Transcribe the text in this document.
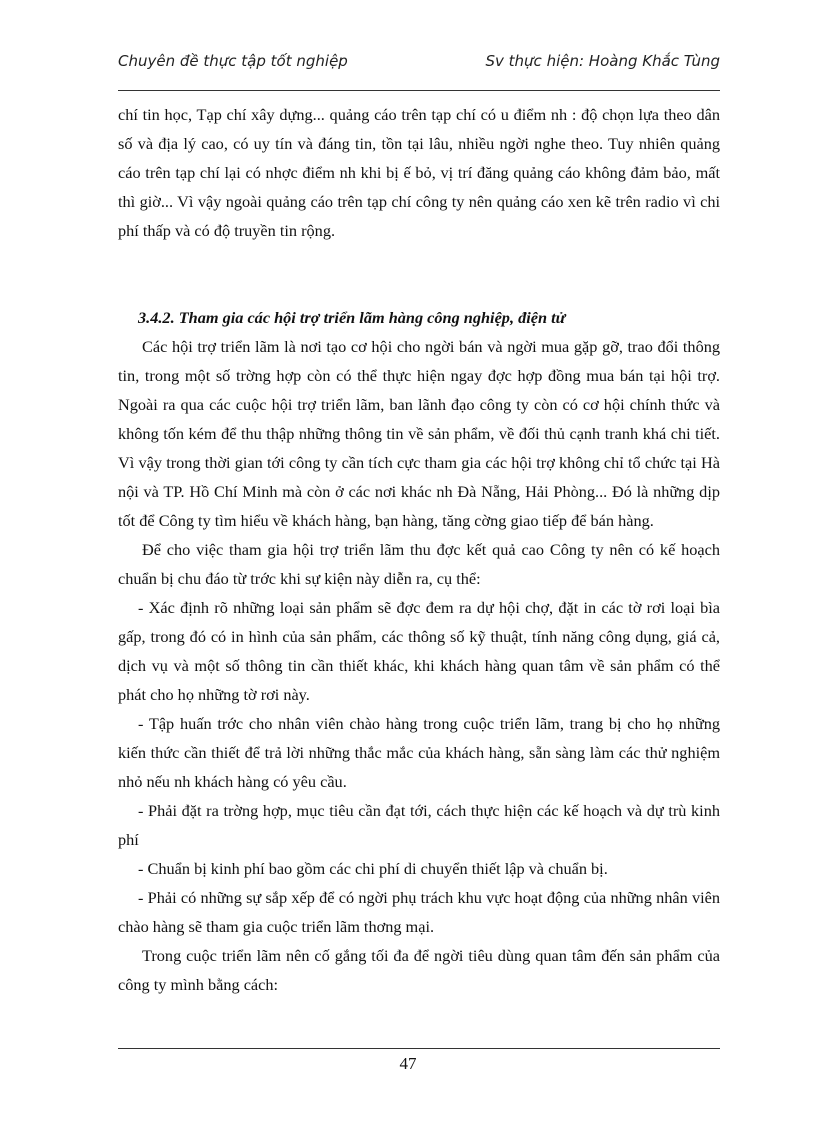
Chuyên đề thực tập tốt nghiệp	Sv thực hiện: Hoàng Khắc Tùng

chí tin học, Tạp chí xây dựng... quảng cáo trên tạp chí có u điểm nh : độ chọn lựa theo dân số và địa lý cao, có uy tín và đáng tin, tồn tại lâu, nhiều ngời nghe theo. Tuy nhiên quảng cáo trên tạp chí lại có nhợc điểm nh khi bị ế bỏ, vị trí đăng quảng cáo không đảm bảo, mất thì giờ... Vì vậy ngoài quảng cáo trên tạp chí công ty nên quảng cáo xen kẽ trên radio vì chi phí thấp và có độ truyền tin rộng.

3.4.2. Tham gia các hội trợ triển lãm hàng công nghiệp, điện tử

Các hội trợ triển lãm là nơi tạo cơ hội cho ngời bán và ngời mua gặp gỡ, trao đổi thông tin, trong một số trờng hợp còn có thể thực hiện ngay đợc hợp đồng mua bán tại hội trợ. Ngoài ra qua các cuộc hội trợ triển lãm, ban lãnh đạo công ty còn có cơ hội chính thức và không tốn kém để thu thập những thông tin về sản phẩm, về đối thủ cạnh tranh khá chi tiết. Vì vậy trong thời gian tới công ty cần tích cực tham gia các hội trợ không chỉ tổ chức tại Hà nội và TP. Hồ Chí Minh mà còn ở các nơi khác nh Đà Nẵng, Hải Phòng... Đó là những dịp tốt để Công ty tìm hiểu về khách hàng, bạn hàng, tăng cờng giao tiếp để bán hàng.

Để cho việc tham gia hội trợ triển lãm thu đợc kết quả cao Công ty nên có kế hoạch chuẩn bị chu đáo từ trớc khi sự kiện này diễn ra, cụ thể:

- Xác định rõ những loại sản phẩm sẽ đợc đem ra dự hội chợ, đặt in các tờ rơi loại bìa gấp, trong đó có in hình của sản phẩm, các thông số kỹ thuật, tính năng công dụng, giá cả, dịch vụ và một số thông tin cần thiết khác, khi khách hàng quan tâm về sản phẩm có thể phát cho họ những tờ rơi này.

- Tập huấn trớc cho nhân viên chào hàng trong cuộc triển lãm, trang bị cho họ những kiến thức cần thiết để trả lời những thắc mắc của khách hàng, sẵn sàng làm các thử nghiệm nhỏ nếu nh khách hàng có yêu cầu.

- Phải đặt ra trờng hợp, mục tiêu cần đạt tới, cách thực hiện các kế hoạch và dự trù kinh phí

- Chuẩn bị kinh phí bao gồm các chi phí di chuyển thiết lập và chuẩn bị.

- Phải có những sự sắp xếp để có ngời phụ trách khu vực hoạt động của những nhân viên chào hàng sẽ tham gia cuộc triển lãm thơng mại.

Trong cuộc triển lãm nên cố gắng tối đa để ngời tiêu dùng quan tâm đến sản phẩm của công ty mình bằng cách:

47
